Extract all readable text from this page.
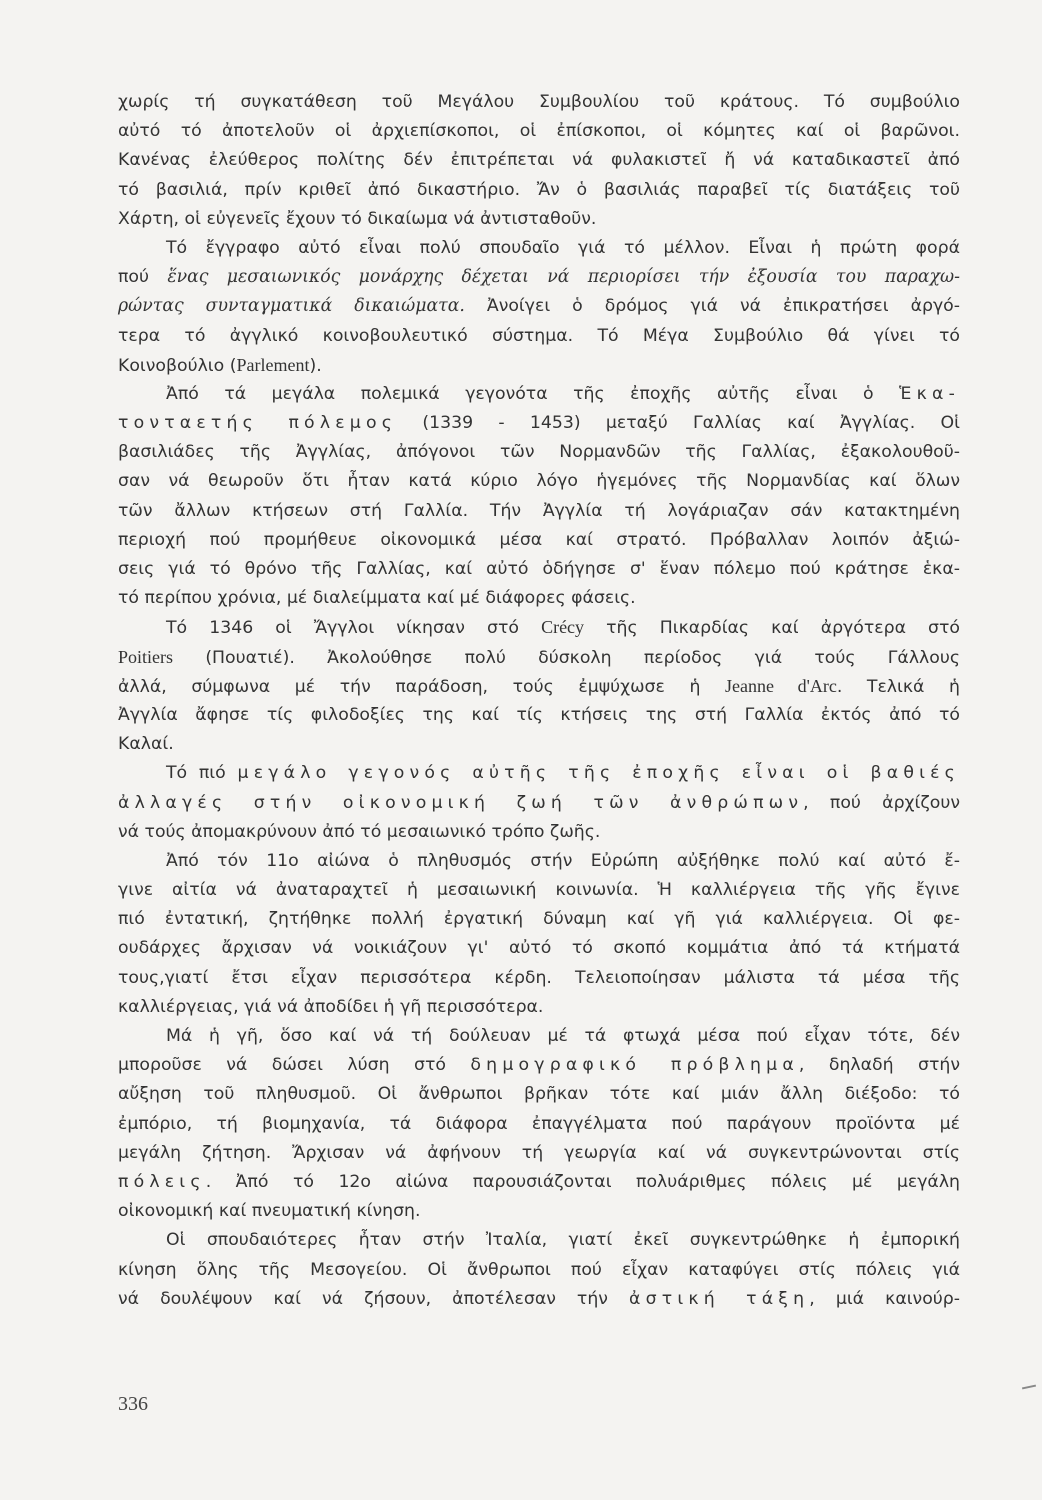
χωρίς τή συγκατάθεση τοῦ Μεγάλου Συμβουλίου τοῦ κράτους. Τό συμβούλιο
αὐτό τό ἀποτελοῦν οἱ ἀρχιεπίσκοποι, οἱ ἐπίσκοποι, οἱ κόμητες καί οἱ βαρῶνοι.
Κανένας ἐλεύθερος πολίτης δέν ἐπιτρέπεται νά φυλακιστεῖ ἤ νά καταδικαστεῖ ἀπό
τό βασιλιά, πρίν κριθεῖ ἀπό δικαστήριο. Ἄν ὁ βασιλιάς παραβεῖ τίς διατάξεις τοῦ
Χάρτη, οἱ εὐγενεῖς ἔχουν τό δικαίωμα νά ἀντισταθοῦν.
Τό ἔγγραφο αὐτό εἶναι πολύ σπουδαῖο γιά τό μέλλον. Εἶναι ἡ πρώτη φορά
πού ἕνας μεσαιωνικός μονάρχης δέχεται νά περιορίσει τήν ἐξουσία του παραχω-
ρώντας συνταγματικά δικαιώματα. Ἀνοίγει ὁ δρόμος γιά νά ἐπικρατήσει ἀργό-
τερα τό ἀγγλικό κοινοβουλευτικό σύστημα. Τό Μέγα Συμβούλιο θά γίνει τό
Κοινοβούλιο (Parlement).
Ἀπό τά μεγάλα πολεμικά γεγονότα τῆς ἐποχῆς αὐτῆς εἶναι ὁ Ἑκα-
τονταετής πόλεμος (1339 - 1453) μεταξύ Γαλλίας καί Ἀγγλίας. Οἱ
βασιλιάδες τῆς Ἀγγλίας, ἀπόγονοι τῶν Νορμανδῶν τῆς Γαλλίας, ἐξακολουθοῦ-
σαν νά θεωροῦν ὅτι ἦταν κατά κύριο λόγο ἡγεμόνες τῆς Νορμανδίας καί ὅλων
τῶν ἄλλων κτήσεων στή Γαλλία. Τήν Ἀγγλία τή λογάριαζαν σάν κατακτημένη
περιοχή πού προμήθευε οἰκονομικά μέσα καί στρατό. Πρόβαλλαν λοιπόν ἀξιώ-
σεις γιά τό θρόνο τῆς Γαλλίας, καί αὐτό ὁδήγησε σ' ἕναν πόλεμο πού κράτησε ἑκα-
τό περίπου χρόνια, μέ διαλείμματα καί μέ διάφορες φάσεις.
Τό 1346 οἱ Ἄγγλοι νίκησαν στό Crécy τῆς Πικαρδίας καί ἀργότερα στό
Poitiers (Πουατιέ). Ἀκολούθησε πολύ δύσκολη περίοδος γιά τούς Γάλλους
ἀλλά, σύμφωνα μέ τήν παράδοση, τούς ἐμψύχωσε ἡ Jeanne d'Arc. Τελικά ἡ
Ἀγγλία ἄφησε τίς φιλοδοξίες της καί τίς κτήσεις της στή Γαλλία ἐκτός ἀπό τό
Καλαί.
Τό πιό μεγάλο γεγονός αὐτῆς τῆς ἐποχῆς εἶναι οἱ βαθιές
ἀλλαγές στήν οἰκονομική ζωή τῶν ἀνθρώπων, πού ἀρχίζουν
νά τούς ἀπομακρύνουν ἀπό τό μεσαιωνικό τρόπο ζωῆς.
Ἀπό τόν 11ο αἰώνα ὁ πληθυσμός στήν Εὐρώπη αὐξήθηκε πολύ καί αὐτό ἔ-
γινε αἰτία νά ἀναταραχτεῖ ἡ μεσαιωνική κοινωνία. Ἡ καλλιέργεια τῆς γῆς ἔγινε
πιό ἐντατική, ζητήθηκε πολλή ἐργατική δύναμη καί γῆ γιά καλλιέργεια. Οἱ φε-
ουδάρχες ἄρχισαν νά νοικιάζουν γι' αὐτό τό σκοπό κομμάτια ἀπό τά κτήματά
τους,γιατί ἔτσι εἶχαν περισσότερα κέρδη. Τελειοποίησαν μάλιστα τά μέσα τῆς
καλλιέργειας, γιά νά ἀποδίδει ἡ γῆ περισσότερα.
Μά ἡ γῆ, ὅσο καί νά τή δούλευαν μέ τά φτωχά μέσα πού εἶχαν τότε, δέν
μποροῦσε νά δώσει λύση στό δημογραφικό πρόβλημα, δηλαδή στήν
αὔξηση τοῦ πληθυσμοῦ. Οἱ ἄνθρωποι βρῆκαν τότε καί μιάν ἄλλη διέξοδο: τό
ἐμπόριο, τή βιομηχανία, τά διάφορα ἐπαγγέλματα πού παράγουν προϊόντα μέ
μεγάλη ζήτηση. Ἄρχισαν νά ἀφήνουν τή γεωργία καί νά συγκεντρώνονται στίς
πόλεις. Ἀπό τό 12ο αἰώνα παρουσιάζονται πολυάριθμες πόλεις μέ μεγάλη
οἰκονομική καί πνευματική κίνηση.
Οἱ σπουδαιότερες ἦταν στήν Ἰταλία, γιατί ἐκεῖ συγκεντρώθηκε ἡ ἐμπορική
κίνηση ὅλης τῆς Μεσογείου. Οἱ ἄνθρωποι πού εἶχαν καταφύγει στίς πόλεις γιά
νά δουλέψουν καί νά ζήσουν, ἀποτέλεσαν τήν ἀστική τάξη, μιά καινούρ-
336
